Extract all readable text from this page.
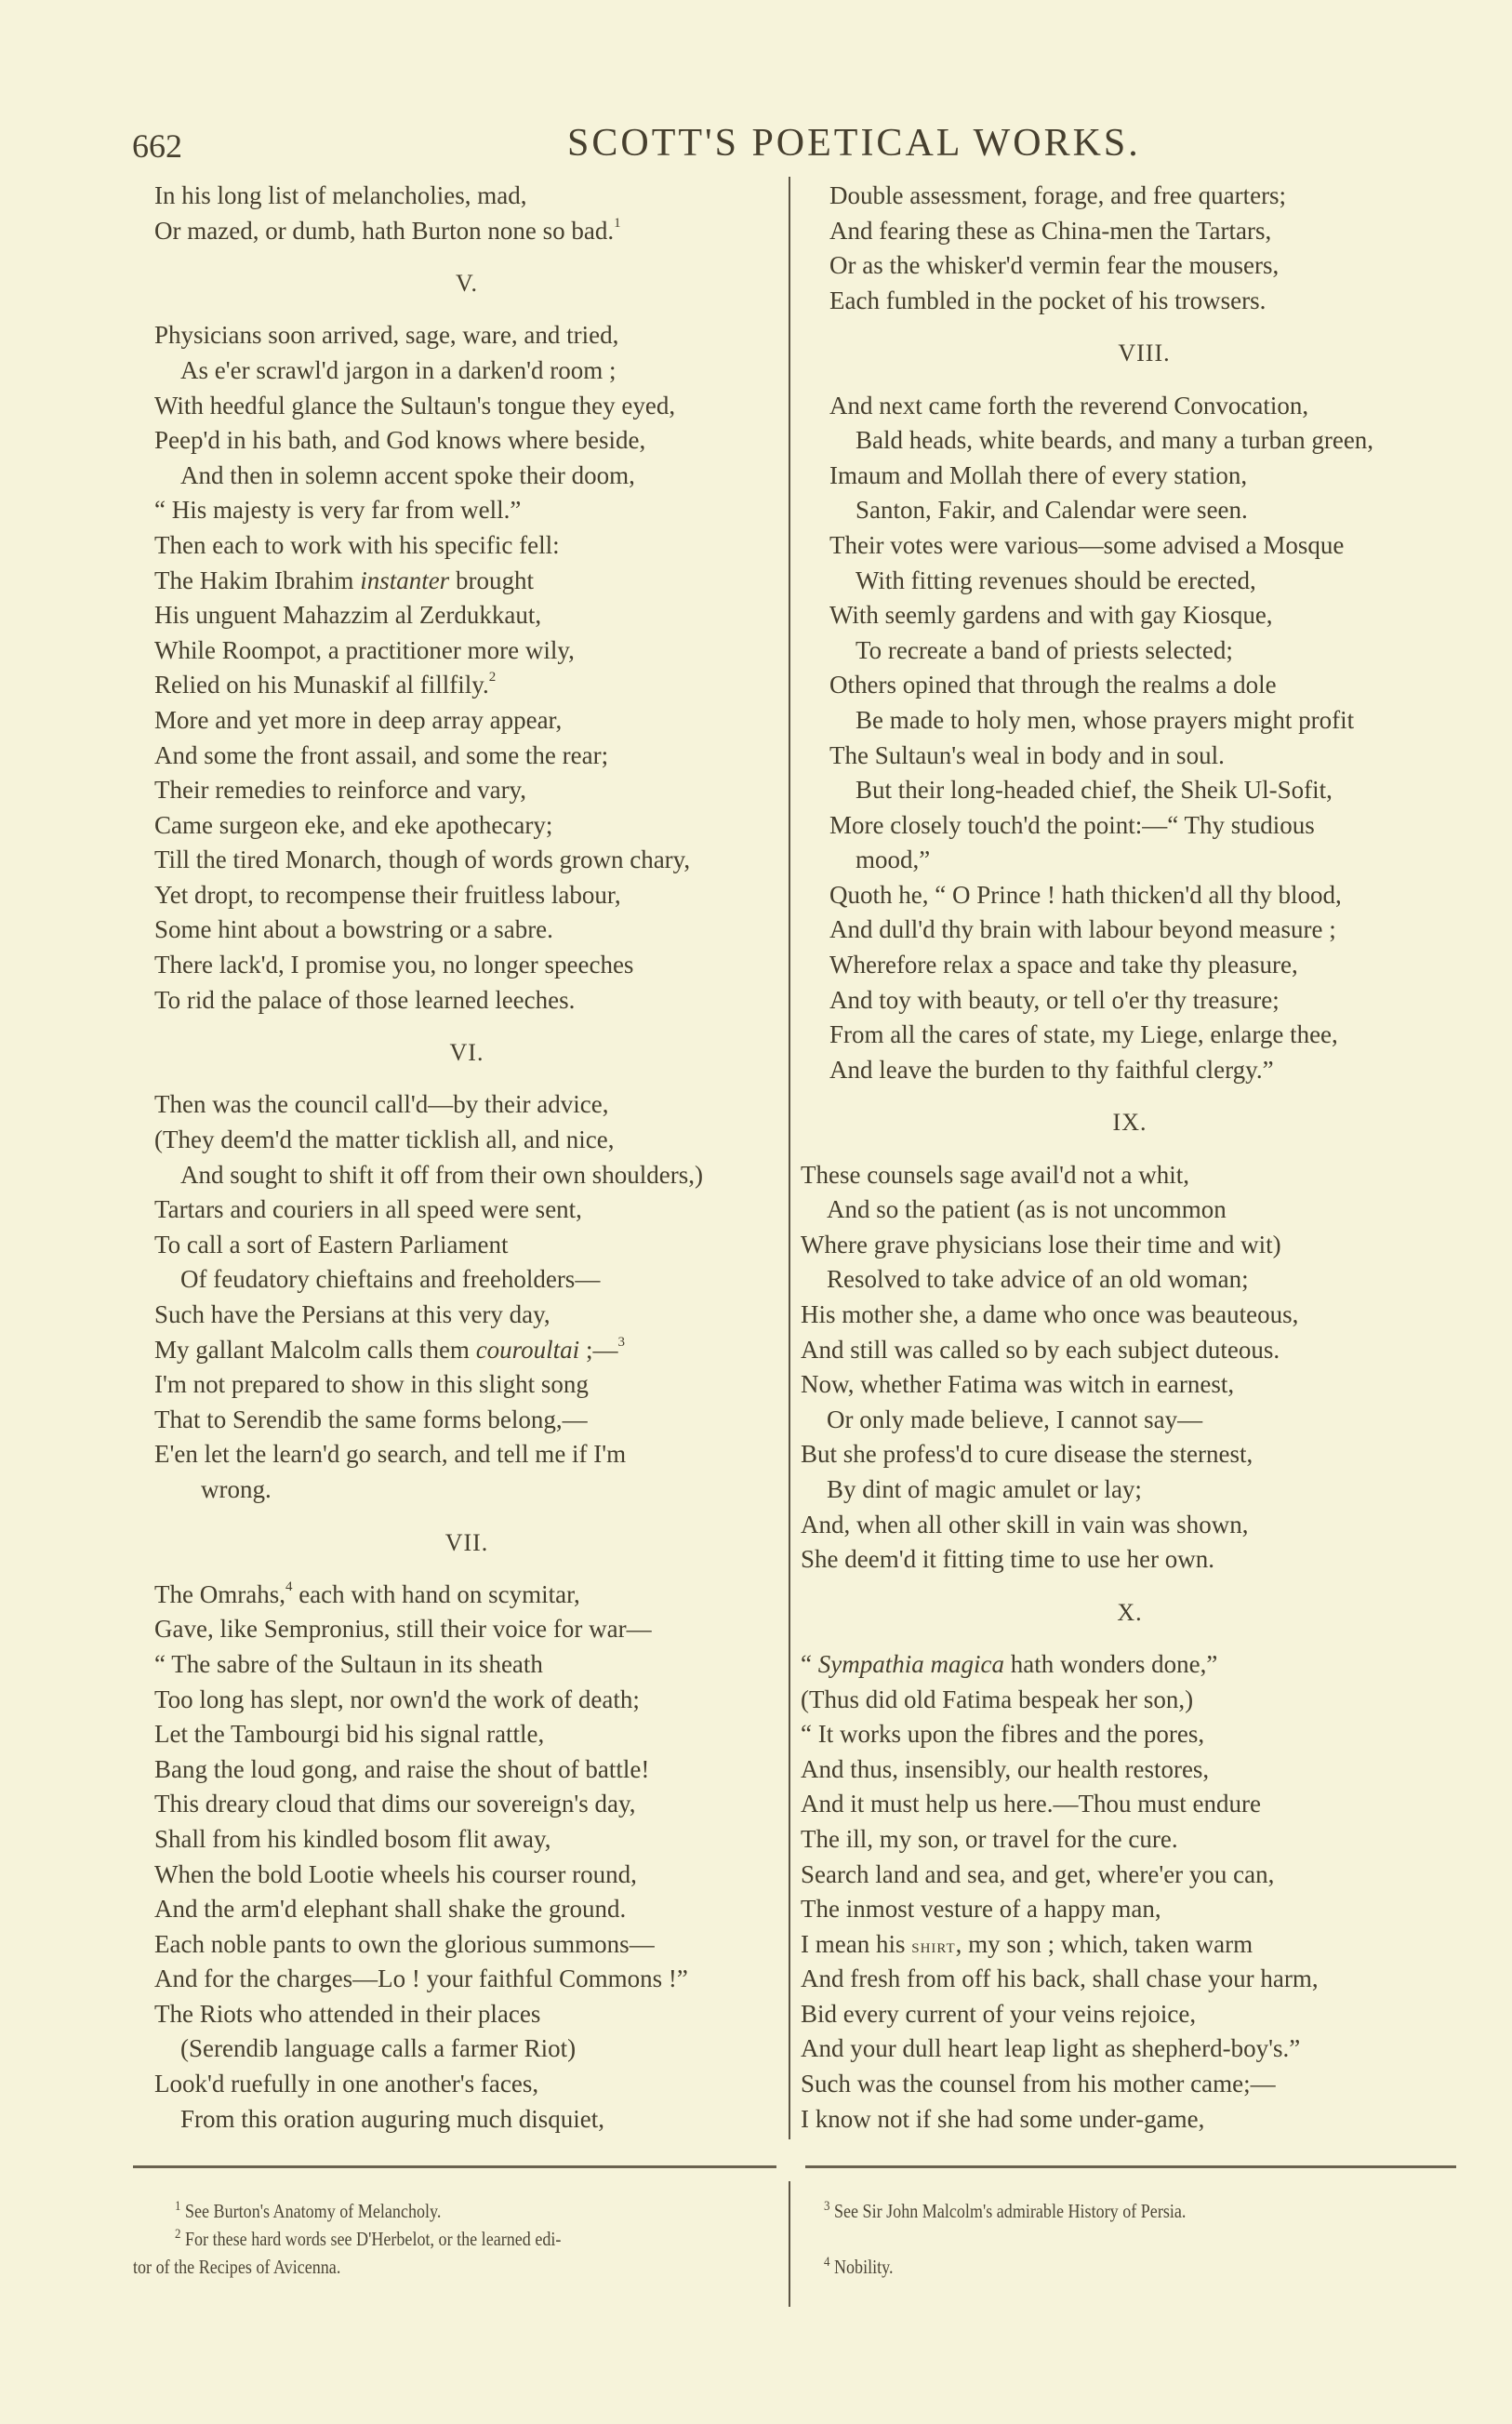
662	SCOTT'S POETICAL WORKS.
In his long list of melancholies, mad,
Or mazed, or dumb, hath Burton none so bad.$^1$
V.
Physicians soon arrived, sage, ware, and tried,
As e'er scrawl'd jargon in a darken'd room ;
With heedful glance the Sultaun's tongue they eyed,
Peep'd in his bath, and God knows where beside,
And then in solemn accent spoke their doom,
“ His majesty is very far from well.”
Then each to work with his specific fell:
The Hakim Ibrahim instanter brought
His unguent Mahazzim al Zerdukkaut,
While Roompot, a practitioner more wily,
Relied on his Munaskif al fillfily.$^2$
More and yet more in deep array appear,
And some the front assail, and some the rear;
Their remedies to reinforce and vary,
Came surgeon eke, and eke apothecary;
Till the tired Monarch, though of words grown chary,
Yet dropt, to recompense their fruitless labour,
Some hint about a bowstring or a sabre.
There lack'd, I promise you, no longer speeches
To rid the palace of those learned leeches.
VI.
Then was the council call'd—by their advice,
(They deem'd the matter ticklish all, and nice,
And sought to shift it off from their own shoulders,)
Tartars and couriers in all speed were sent,
To call a sort of Eastern Parliament
Of feudatory chieftains and freeholders—
Such have the Persians at this very day,
My gallant Malcolm calls them couroultai ;—$^3$
I'm not prepared to show in this slight song
That to Serendib the same forms belong,—
E'en let the learn'd go search, and tell me if I'm
wrong.
VII.
The Omrahs,$^4$ each with hand on scymitar,
Gave, like Sempronius, still their voice for war—
“ The sabre of the Sultaun in its sheath
Too long has slept, nor own'd the work of death;
Let the Tambourgi bid his signal rattle,
Bang the loud gong, and raise the shout of battle!
This dreary cloud that dims our sovereign's day,
Shall from his kindled bosom flit away,
When the bold Lootie wheels his courser round,
And the arm'd elephant shall shake the ground.
Each noble pants to own the glorious summons—
And for the charges—Lo ! your faithful Commons !”
The Riots who attended in their places
(Serendib language calls a farmer Riot)
Look'd ruefully in one another's faces,
From this oration auguring much disquiet,
Double assessment, forage, and free quarters;
And fearing these as China-men the Tartars,
Or as the whisker'd vermin fear the mousers,
Each fumbled in the pocket of his trowsers.
VIII.
And next came forth the reverend Convocation,
Bald heads, white beards, and many a turban green,
Imaum and Mollah there of every station,
Santon, Fakir, and Calendar were seen.
Their votes were various—some advised a Mosque
With fitting revenues should be erected,
With seemly gardens and with gay Kiosque,
To recreate a band of priests selected;
Others opined that through the realms a dole
Be made to holy men, whose prayers might profit
The Sultaun's weal in body and in soul.
But their long-headed chief, the Sheik Ul-Sofit,
More closely touch'd the point:—“ Thy studious
mood,”
Quoth he, “ O Prince ! hath thicken'd all thy blood,
And dull'd thy brain with labour beyond measure ;
Wherefore relax a space and take thy pleasure,
And toy with beauty, or tell o'er thy treasure;
From all the cares of state, my Liege, enlarge thee,
And leave the burden to thy faithful clergy.”
IX.
These counsels sage avail'd not a whit,
And so the patient (as is not uncommon
Where grave physicians lose their time and wit)
Resolved to take advice of an old woman;
His mother she, a dame who once was beauteous,
And still was called so by each subject duteous.
Now, whether Fatima was witch in earnest,
Or only made believe, I cannot say—
But she profess'd to cure disease the sternest,
By dint of magic amulet or lay;
And, when all other skill in vain was shown,
She deem'd it fitting time to use her own.
X.
“ Sympathia magica hath wonders done,”
(Thus did old Fatima bespeak her son,)
“ It works upon the fibres and the pores,
And thus, insensibly, our health restores,
And it must help us here.—Thou must endure
The ill, my son, or travel for the cure.
Search land and sea, and get, where'er you can,
The inmost vesture of a happy man,
I mean his shirt, my son ; which, taken warm
And fresh from off his back, shall chase your harm,
Bid every current of your veins rejoice,
And your dull heart leap light as shepherd-boy's.”
Such was the counsel from his mother came;—
I know not if she had some under-game,
$^1$ See Burton's Anatomy of Melancholy.
$^2$ For these hard words see D'Herbelot, or the learned edi-
tor of the Recipes of Avicenna.
$^3$ See Sir John Malcolm's admirable History of Persia.
$^4$ Nobility.
